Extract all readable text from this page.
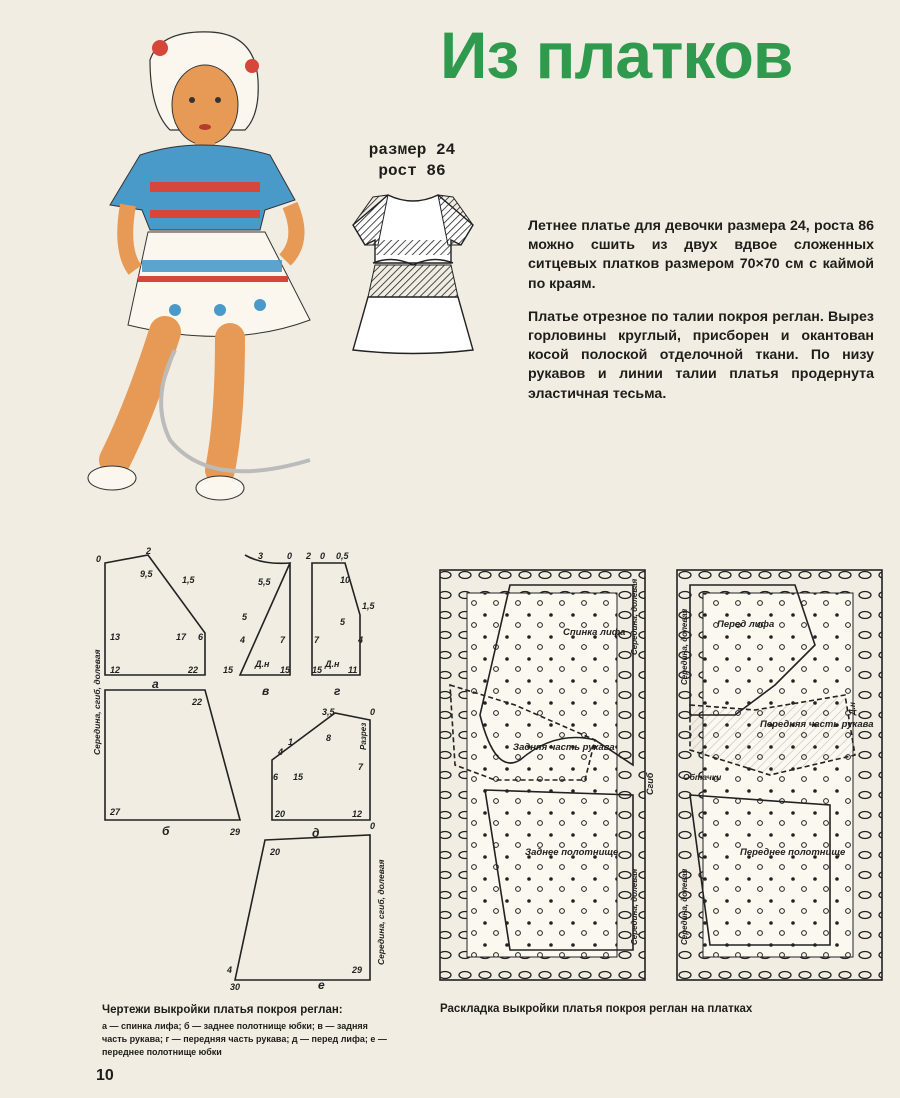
Из платков
размер 24
рост 86

Летнее платье для девочки размера 24, роста 86 можно сшить из двух вдвое сложенных ситцевых платков размером 70×70 см с каймой по краям.

Платье отрезное по талии покроя реглан. Вырез горловины круглый, присборен и окантован косой полоской отделочной ткани. По низу рукавов и линии талии платья продернута эластичная тесьма.

0
2
9,5
1,5
17 6
13
12	22
а
Середина, сгиб, долевая	22
27
29
б
3	0
5,5
4
5
15
7
15
Д.н
в
2 0 0,5
10
5
1,5
7
15	11
4
Д.н
г
3,5	0
4
8
1
6 15
7
20	12
Разрез
д	0
20
4
30
29
Середина, сгиб, долевая
е
Спинка лифа
Задняя часть рукава
Заднее полотнище
Середина, долевая
Середина, долевая
Сгиб
Перед лифа
Передняя часть рукава
Переднее полотнище
Обтачки
Д.н
Середина, долевая
Середина, долевая
Чертежи выкройки платья покроя реглан:
а — спинка лифа; б — заднее полотнище юбки; в — задняя часть рукава; г — передняя часть рукава; д — перед лифа; е — переднее полотнище юбки
Раскладка выкройки платья покроя реглан на платках
10
